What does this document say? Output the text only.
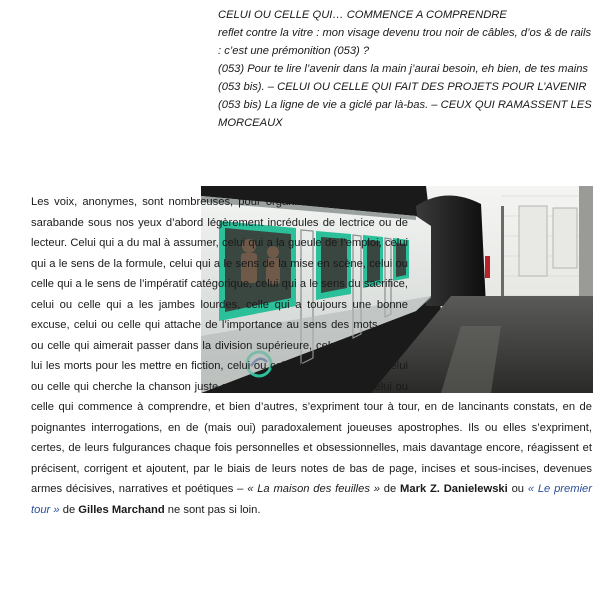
CELUI OU CELLE QUI… COMMENCE A COMPRENDRE

reflet contre la vitre : mon visage devenu trou noir de câbles, d’os & de rails : c’est une prémonition (053) ?

(053) Pour te lire l’avenir dans la main j’aurai besoin, eh bien, de tes mains (053 bis). – CELUI OU CELLE QUI FAIT DES PROJETS POUR L’AVENIR

(053 bis) La ligne de vie a giclé par là-bas. – CEUX QUI RAMASSENT LES MORCEAUX

Les voix, anonymes, sont nombreuses, pour organiser une passionnante sarabande sous nos yeux d’abord légèrement incrédules de lectrice ou de lecteur. Celui qui a du mal à assumer, celui qui a la gueule de l’emploi, celui qui a le sens de la formule, celui qui a le sens de la mise en scène, celui ou celle qui a le sens de l’impératif catégorique, celui qui a le sens du sacrifice, celui ou celle qui a les jambes lourdes, celle qui a toujours une bonne excuse, celui ou celle qui attache de l’importance au sens des mots, celui ou celle qui aimerait passer dans la division supérieure, celui qui appelle à lui les morts pour les mettre en fiction, celui ou celle qui broie du noir, celui ou celle qui cherche la chanson juste pour mieux mourir sous elle, celui ou celle qui commence à comprendre, et bien d’autres, s’expriment tour à tour, en de lancinants constats, en de poignantes interrogations, en de (mais oui) paradoxalement joueuses apostrophes. Ils ou elles s’expriment, certes, de leurs fulgurances chaque fois personnelles et obsessionnelles, mais davantage encore, réagissent et précisent, corrigent et ajoutent, par le biais de leurs notes de bas de page, incises et sous-incises, devenues armes décisives, narratives et poétiques – « La maison des feuilles » de Mark Z. Danielewski ou « Le premier tour » de Gilles Marchand ne sont pas si loin.
